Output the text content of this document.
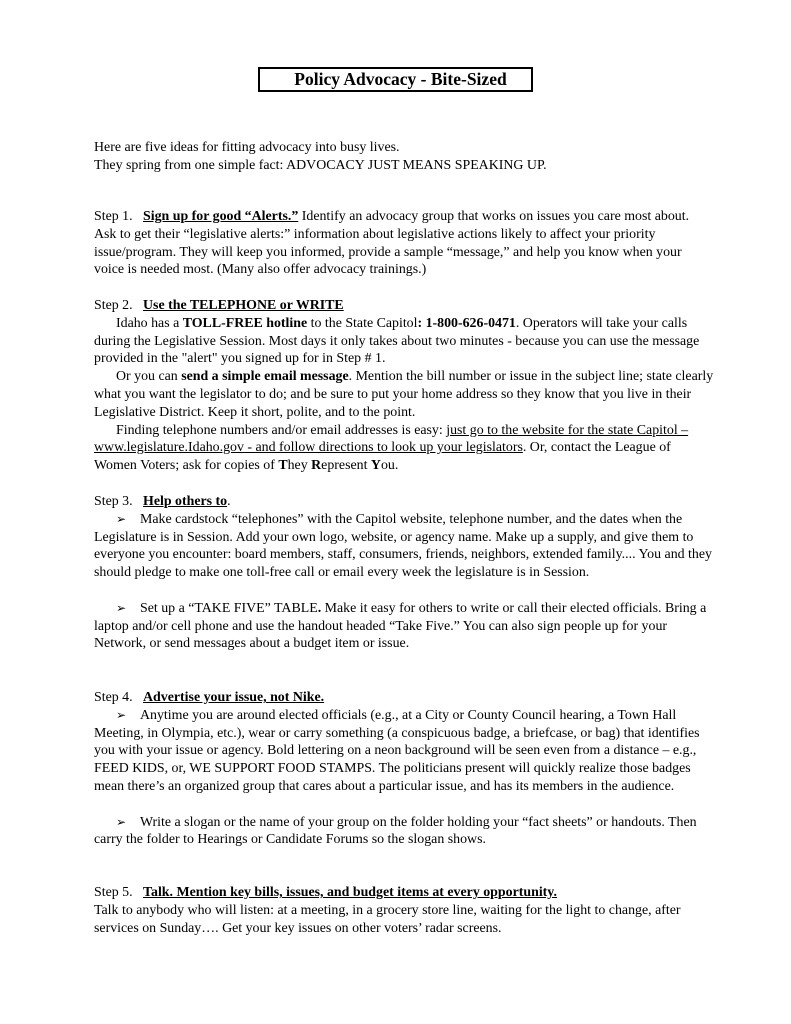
Policy Advocacy - Bite-Sized

Here are five ideas for fitting advocacy into busy lives.

They spring from one simple fact: ADVOCACY JUST MEANS SPEAKING UP.

Step 1. Sign up for good “Alerts.” Identify an advocacy group that works on issues you care most about. Ask to get their “legislative alerts:” information about legislative actions likely to affect your priority issue/program. They will keep you informed, provide a sample “message,” and help you know when your voice is needed most. (Many also offer advocacy trainings.)

Step 2. Use the TELEPHONE or WRITE

Idaho has a TOLL-FREE hotline to the State Capitol: 1-800-626-0471. Operators will take your calls during the Legislative Session. Most days it only takes about two minutes - because you can use the message provided in the "alert" you signed up for in Step # 1.

Or you can send a simple email message. Mention the bill number or issue in the subject line; state clearly what you want the legislator to do; and be sure to put your home address so they know that you live in their Legislative District. Keep it short, polite, and to the point.

Finding telephone numbers and/or email addresses is easy: just go to the website for the state Capitol – www.legislature.Idaho.gov - and follow directions to look up your legislators. Or, contact the League of Women Voters; ask for copies of They Represent You.

Step 3. Help others to.

➢ Make cardstock “telephones” with the Capitol website, telephone number, and the dates when the Legislature is in Session. Add your own logo, website, or agency name. Make up a supply, and give them to everyone you encounter: board members, staff, consumers, friends, neighbors, extended family.... You and they should pledge to make one toll-free call or email every week the legislature is in Session.

➢ Set up a “TAKE FIVE” TABLE. Make it easy for others to write or call their elected officials. Bring a laptop and/or cell phone and use the handout headed “Take Five.” You can also sign people up for your Network, or send messages about a budget item or issue.

Step 4. Advertise your issue, not Nike.

➢ Anytime you are around elected officials (e.g., at a City or County Council hearing, a Town Hall Meeting, in Olympia, etc.), wear or carry something (a conspicuous badge, a briefcase, or bag) that identifies you with your issue or agency. Bold lettering on a neon background will be seen even from a distance – e.g., FEED KIDS, or, WE SUPPORT FOOD STAMPS. The politicians present will quickly realize those badges mean there’s an organized group that cares about a particular issue, and has its members in the audience.

➢ Write a slogan or the name of your group on the folder holding your “fact sheets” or handouts. Then carry the folder to Hearings or Candidate Forums so the slogan shows.

Step 5. Talk. Mention key bills, issues, and budget items at every opportunity.

Talk to anybody who will listen: at a meeting, in a grocery store line, waiting for the light to change, after services on Sunday…. Get your key issues on other voters’ radar screens.
